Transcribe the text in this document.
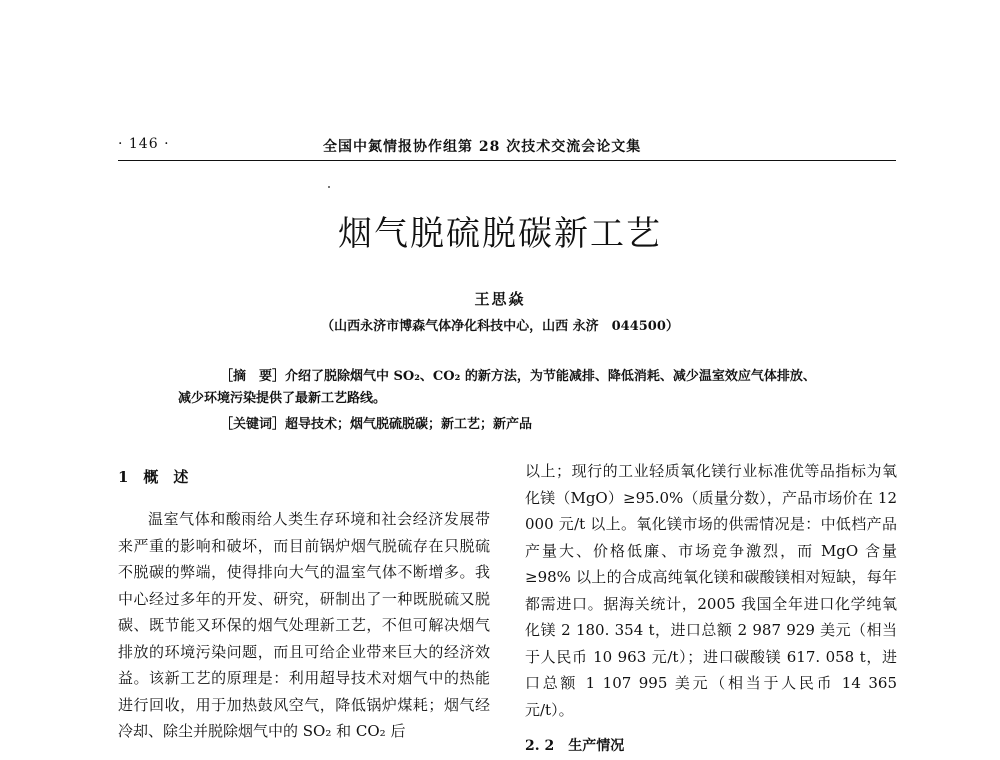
· 146 ·	全国中氮情报协作组第 28 次技术交流会论文集
烟气脱硫脱碳新工艺
王思焱
（山西永济市博森气体净化科技中心，山西 永济　044500）
［摘　要］介绍了脱除烟气中 SO₂、CO₂ 的新方法，为节能减排、降低消耗、减少温室效应气体排放、减少环境污染提供了最新工艺路线。
［关键词］超导技术；烟气脱硫脱碳；新工艺；新产品
1　概　述
温室气体和酸雨给人类生存环境和社会经济发展带来严重的影响和破坏，而目前锅炉烟气脱硫存在只脱硫不脱碳的弊端，使得排向大气的温室气体不断增多。我中心经过多年的开发、研究，研制出了一种既脱硫又脱碳、既节能又环保的烟气处理新工艺，不但可解决烟气排放的环境污染问题，而且可给企业带来巨大的经济效益。该新工艺的原理是：利用超导技术对烟气中的热能进行回收，用于加热鼓风空气，降低锅炉煤耗；烟气经冷却、除尘并脱除烟气中的 SO₂ 和 CO₂ 后
以上；现行的工业轻质氧化镁行业标准优等品指标为氧化镁（MgO）≥95.0%（质量分数），产品市场价在 12 000 元/t 以上。氧化镁市场的供需情况是：中低档产品产量大、价格低廉、市场竞争激烈，而 MgO 含量≥98% 以上的合成高纯氧化镁和碳酸镁相对短缺，每年都需进口。据海关统计，2005 我国全年进口化学纯氧化镁 2 180. 354 t，进口总额 2 987 929 美元（相当于人民币 10 963 元/t）；进口碳酸镁 617. 058 t，进口总额 1 107 995 美元（相当于人民币 14 365 元/t）。
2. 2　生产情况
